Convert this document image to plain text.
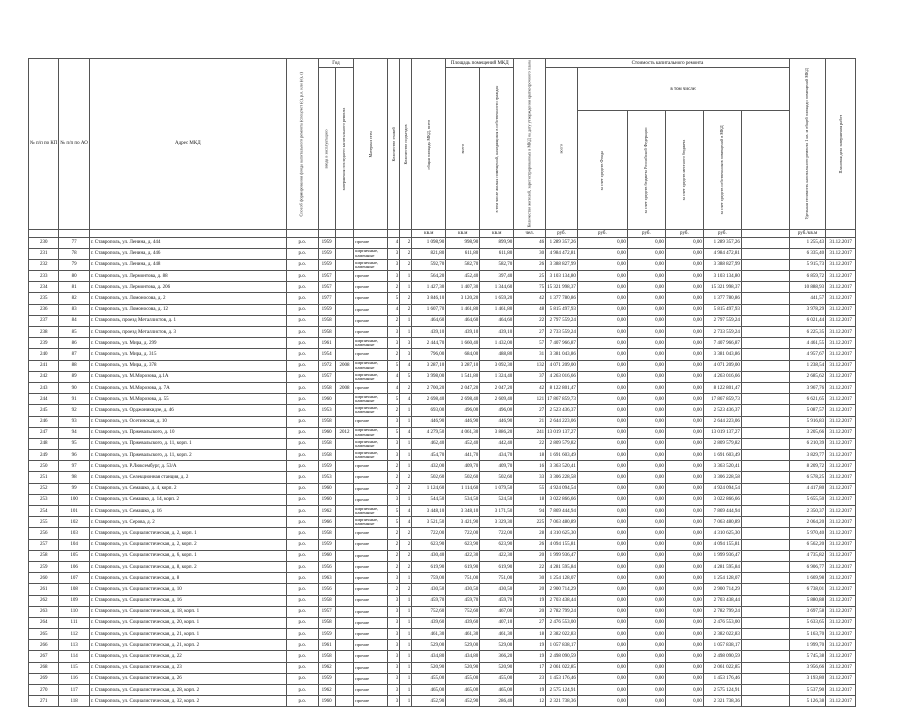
№ п/п по КП	№ п/п по АО	Адрес МКД	Способ формирования фонда капитального ремонта (спецсчет (с), р.о. или (о), с)	Год		Материал стен	Количество этажей	Количество подъездов	общая площадь МКД, всего	Площадь помещений МКД		Количество жителей, зарегистрированных в МКД на дату утверждения краткосрочного плана	Стоимость капитального ремонта						Удельная стоимость капитального ремонта 1 кв. м общей площади помещений МКД	Плановая дата завершения работ
				ввода в эксплуатацию	завершения последнего капитального ремонта					всего	в том числе жилых помещений, находящихся в собственности граждан		всего	в том числе:						
														за счет средств Фонда	за счет средств бюджета Российской Федерации	за счет средств местного бюджета	за счет средств собственников помещений в МКД			
									кв.м	кв.м	кв.м	чел.	руб.	руб.	руб.	руб.	руб.		руб./кв.м	
230	77	г. Ставрополь, ул. Ленина, д. 444	р.о.	1959		прочие	4	2	1 098,90	998,90	899,90	46	1 289 357,26	0,00	0,00	0,00	1 289 357,26		1 255,43	31.12.2017
231	78	г. Ставрополь, ул. Ленина, д. 446	р.о.	1959		кирпичные, каменные	3	2	821,80	611,80	611,80	30	4 984 472,81	0,00	0,00	0,00	4 984 472,81		6 335,40	31.12.2017
232	79	г. Ставрополь, ул. Ленина, д. 448	р.о.	1959		кирпичные, каменные	3	2	592,70	582,70	582,70	26	3 388 827,99	0,00	0,00	0,00	3 388 827,99		5 915,73	31.12.2017
233	80	г. Ставрополь, ул. Лермонтова, д. 88	р.о.	1957		прочие	3	1	564,20	452,40	397,40	25	3 103 134,80	0,00	0,00	0,00	3 103 134,80		6 859,72	31.12.2017
234	81	г. Ставрополь, ул. Лермонтова, д. 206	р.о.	1957		прочие	2	1	1 427,30	1 407,30	1 344,60	75	15 321 998,37	0,00	0,00	0,00	15 321 998,37		10 888,93	31.12.2017
235	82	г. Ставрополь, ул. Ломоносова, д. 2	р.о.	1977		прочие	5	2	3 846,10	3 120,20	1 659,20	42	1 377 780,86	0,00	0,00	0,00	1 377 780,86		441,57	31.12.2017
236	83	г. Ставрополь, ул. Ломоносова, д. 12	р.о.	1959		прочие	4	2	1 607,70	1 461,80	1 461,80	48	5 815 497,93	0,00	0,00	0,00	5 815 497,93		3 978,29	31.12.2017
237	84	г. Ставрополь, проезд Металлистов, д. 1	р.о.	1958		прочие	2	1	464,60	464,60	464,60	22	2 797 559,24	0,00	0,00	0,00	2 797 559,24		6 021,44	31.12.2017
238	85	г. Ставрополь, проезд Металлистов, д. 3	р.о.	1958		прочие	3	1	439,10	439,10	439,10	27	2 733 559,24	0,00	0,00	0,00	2 733 559,24		6 225,35	31.12.2017
239	86	г. Ставрополь, ул. Мира, д. 299	р.о.	1961		кирпичные, каменные	3	3	2 444,70	1 660,40	1 432,00	57	7 407 966,87	0,00	0,00	0,00	7 407 966,87		4 461,55	31.12.2017
240	87	г. Ставрополь, ул. Мира, д. 315	р.о.	1954		прочие	2	3	796,00	684,00	488,80	31	3 381 043,86	0,00	0,00	0,00	3 381 043,86		4 957,67	31.12.2017
241	88	г. Ставрополь, ул. Мира, д. 378	р.о.	1972	2008	кирпичные, каменные	5	4	3 287,10	3 287,10	3 092,30	132	4 071 209,00	0,00	0,00	0,00	4 071 209,00		1 238,54	31.12.2017
242	89	г. Ставрополь, ул. М.Морозова, д.1А	р.о.	1957		кирпичные, каменные	4	5	3 998,00	1 541,80	1 324,40	37	4 263 016,66	0,00	0,00	0,00	4 263 016,66		2 685,62	31.12.2017
243	90	г. Ставрополь, ул. М.Морозова, д. 7А	р.о.	1958	2008	прочие	4	2	2 700,20	2 047,20	2 047,20	42	8 122 801,47	0,00	0,00	0,00	8 122 801,47		3 967,76	31.12.2017
244	91	г. Ставрополь, ул. М.Морозова, д. 55	р.о.	1960		кирпичные, каменные	5	4	2 698,40	2 698,40	2 609,40	121	17 867 859,73	0,00	0,00	0,00	17 867 859,73		6 621,65	31.12.2017
245	92	г. Ставрополь, ул. Орджоникидзе, д. 46	р.о.	1953		кирпичные, каменные	2	1	693,00	496,00	496,00	27	2 523 436,37	0,00	0,00	0,00	2 523 436,37		5 087,57	31.12.2017
246	93	г. Ставрополь, ул. Осетинская, д. 10	р.о.	1958		прочие	3	1	446,90	446,90	446,90	21	2 644 223,06	0,00	0,00	0,00	2 644 223,06		5 916,83	31.12.2017
247	94	г. Ставрополь, ул. Пржевальского, д. 10	р.о.	1960	2012	кирпичные, каменные	5	4	4 279,50	4 061,30	3 886,20	241	13 019 137,27	0,00	0,00	0,00	13 019 137,27		3 205,66	31.12.2017
248	95	г. Ставрополь, ул. Пржевальского, д. 11, корп. 1	р.о.	1958		кирпичные, каменные	3	1	462,40	452,40	442,40	22	2 809 579,82	0,00	0,00	0,00	2 809 579,82		6 210,39	31.12.2017
249	96	г. Ставрополь, ул. Пржевальского, д. 11, корп. 2	р.о.	1958		кирпичные, каменные	3	1	454,70	441,70	434,70	18	1 691 603,49	0,00	0,00	0,00	1 691 603,49		3 829,77	31.12.2017
250	97	г. Ставрополь, ул. Р.Люксембург, д. 53/А	р.о.	1959		прочие	2	1	432,00	409,70	409,70	16	3 363 520,41	0,00	0,00	0,00	3 363 520,41		8 209,72	31.12.2017
251	98	г. Ставрополь, ул. Селекционная станция, д. 2	р.о.	1953		прочие	2	2	502,60	502,60	502,60	33	3 306 228,58	0,00	0,00	0,00	3 306 228,58		6 578,25	31.12.2017
252	99	г. Ставрополь, ул. Семашко, д. 4, корп. 2	р.о.	1960		прочие	2	2	1 124,60	1 114,60	1 079,50	55	4 924 094,54	0,00	0,00	0,00	4 924 094,54		4 417,80	31.12.2017
253	100	г. Ставрополь, ул. Семашко, д. 14, корп. 2	р.о.	1960		прочие	3	1	544,50	534,50	524,50	18	3 022 866,66	0,00	0,00	0,00	3 022 866,66		5 655,50	31.12.2017
254	101	г. Ставрополь, ул. Семашко, д. 16	р.о.	1962		кирпичные, каменные	5	4	3 448,10	3 348,10	3 171,50	94	7 869 444,94	0,00	0,00	0,00	7 869 444,94		2 350,37	31.12.2017
255	102	г. Ставрополь, ул. Серова, д. 2	р.о.	1966		кирпичные, каменные	5	4	3 521,50	3 421,90	3 329,30	225	7 063 480,89	0,00	0,00	0,00	7 063 480,89		2 064,20	31.12.2017
256	103	г. Ставрополь, ул. Социалистическая, д. 2, корп. 1	р.о.	1958		прочие	2	2	722,00	722,00	722,00	28	4 310 625,30	0,00	0,00	0,00	4 310 625,30		5 970,40	31.12.2017
257	104	г. Ставрополь, ул. Социалистическая, д. 2, корп. 2	р.о.	1959		прочие	2	2	623,90	623,90	623,90	26	4 094 155,81	0,00	0,00	0,00	4 094 155,81		6 562,20	31.12.2017
258	105	г. Ставрополь, ул. Социалистическая, д. 6, корп. 1	р.о.	1960		прочие	2	2	430,40	422,30	422,30	20	1 999 936,47	0,00	0,00	0,00	1 999 936,47		4 735,82	31.12.2017
259	106	г. Ставрополь, ул. Социалистическая, д. 8, корп. 2	р.о.	1956		прочие	2	2	619,90	619,90	619,90	22	4 281 595,84	0,00	0,00	0,00	4 281 595,84		6 906,77	31.12.2017
260	107	г. Ставрополь, ул. Социалистическая, д. 8	р.о.	1963		прочие	3	1	759,00	751,00	751,00	30	1 254 128,07	0,00	0,00	0,00	1 254 128,07		1 669,98	31.12.2017
261	108	г. Ставрополь, ул. Социалистическая, д. 10	р.о.	1956		прочие	2	2	430,50	430,50	430,50	20	2 900 714,29	0,00	0,00	0,00	2 900 714,29		6 738,01	31.12.2017
262	109	г. Ставрополь, ул. Социалистическая, д. 16	р.о.	1958		прочие	3	1	459,70	459,70	459,70	19	2 703 438,44	0,00	0,00	0,00	2 703 438,44		5 880,88	31.12.2017
263	110	г. Ставрополь, ул. Социалистическая, д. 18, корп. 1	р.о.	1957		прочие	3	1	752,60	752,60	467,00	20	2 782 799,24	0,00	0,00	0,00	2 782 799,24		3 697,58	31.12.2017
264	111	г. Ставрополь, ул. Социалистическая, д. 20, корп. 1	р.о.	1958		прочие	3	1	439,60	439,60	407,10	27	2 476 553,00	0,00	0,00	0,00	2 476 553,00		5 633,65	31.12.2017
265	112	г. Ставрополь, ул. Социалистическая, д. 21, корп. 1	р.о.	1959		прочие	3	1	461,30	461,30	461,30	18	2 382 022,83	0,00	0,00	0,00	2 382 022,83		5 163,70	31.12.2017
266	113	г. Ставрополь, ул. Социалистическая, д. 21, корп. 2	р.о.	1961		прочие	3	1	529,00	529,00	529,00	19	1 057 838,17	0,00	0,00	0,00	1 057 838,17		1 999,70	31.12.2017
267	114	г. Ставрополь, ул. Социалистическая, д. 22	р.о.	1958		прочие	3	1	434,80	434,80	366,20	19	2 498 090,59	0,00	0,00	0,00	2 498 090,59		5 745,38	31.12.2017
268	115	г. Ставрополь, ул. Социалистическая, д. 23	р.о.	1962		прочие	3	1	520,90	520,90	520,90	17	2 061 022,85	0,00	0,00	0,00	2 061 022,85		3 956,66	31.12.2017
269	116	г. Ставрополь, ул. Социалистическая, д. 26	р.о.	1959		прочие	3	1	455,00	455,00	455,00	23	1 453 176,46	0,00	0,00	0,00	1 453 176,46		3 193,80	31.12.2017
270	117	г. Ставрополь, ул. Социалистическая, д. 28, корп. 2	р.о.	1962		прочие	3	1	465,00	465,00	465,00	19	2 575 124,91	0,00	0,00	0,00	2 575 124,91		5 537,90	31.12.2017
271	118	г. Ставрополь, ул. Социалистическая, д. 32, корп. 2	р.о.	1960		прочие	3	1	452,90	452,90	286,40	12	2 321 738,36	0,00	0,00	0,00	2 321 738,36		5 126,38	31.12.2017
